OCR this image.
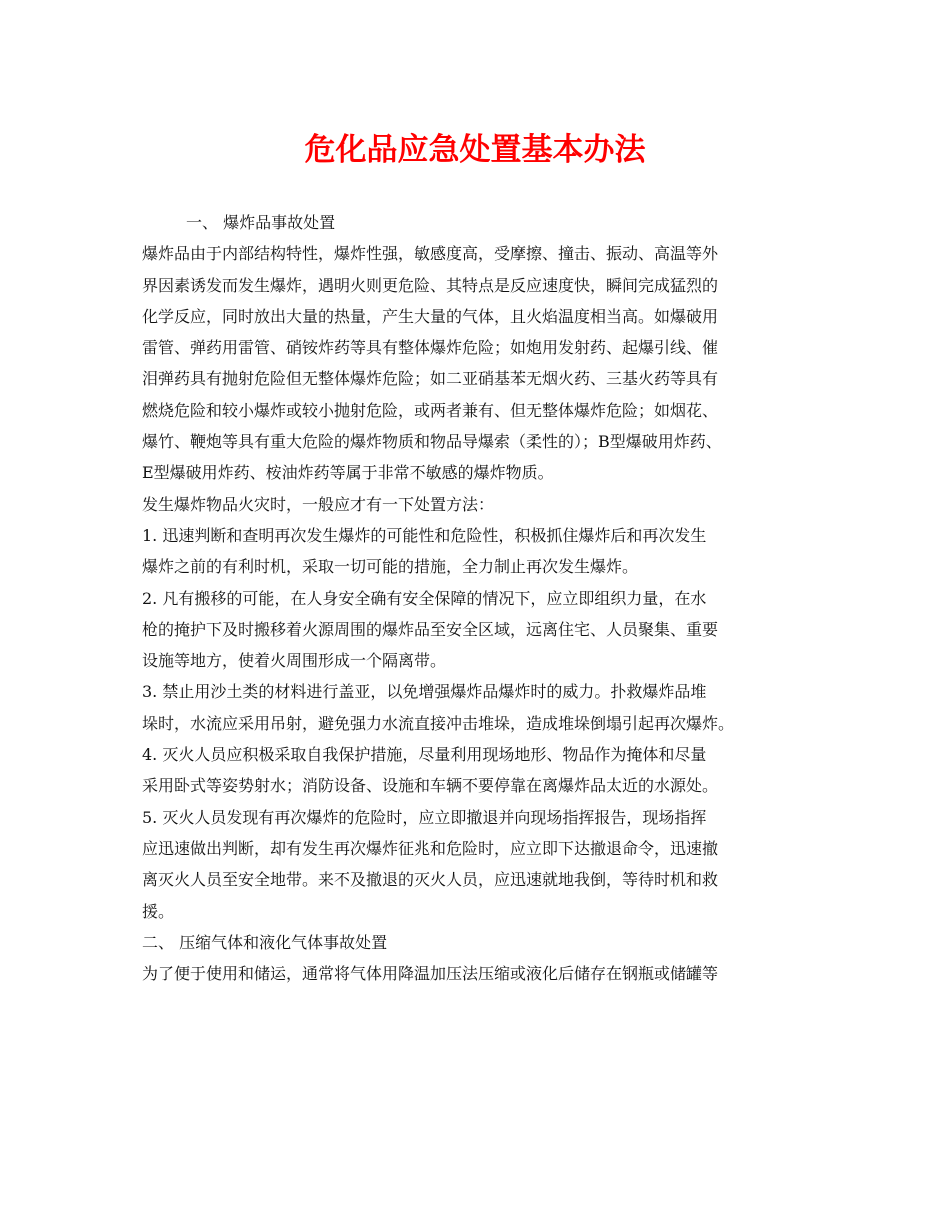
危化品应急处置基本办法
一、 爆炸品事故处置
爆炸品由于内部结构特性，爆炸性强，敏感度高，受摩擦、撞击、振动、高温等外
界因素诱发而发生爆炸，遇明火则更危险、其特点是反应速度快，瞬间完成猛烈的
化学反应，同时放出大量的热量，产生大量的气体，且火焰温度相当高。如爆破用
雷管、弹药用雷管、硝铵炸药等具有整体爆炸危险；如炮用发射药、起爆引线、催
泪弹药具有抛射危险但无整体爆炸危险；如二亚硝基苯无烟火药、三基火药等具有
燃烧危险和较小爆炸或较小抛射危险，或两者兼有、但无整体爆炸危险；如烟花、
爆竹、鞭炮等具有重大危险的爆炸物质和物品导爆索（柔性的）；B型爆破用炸药、
E型爆破用炸药、桉油炸药等属于非常不敏感的爆炸物质。
发生爆炸物品火灾时，一般应才有一下处置方法：
1. 迅速判断和查明再次发生爆炸的可能性和危险性，积极抓住爆炸后和再次发生
爆炸之前的有利时机，采取一切可能的措施，全力制止再次发生爆炸。
2. 凡有搬移的可能，在人身安全确有安全保障的情况下，应立即组织力量，在水
枪的掩护下及时搬移着火源周围的爆炸品至安全区域，远离住宅、人员聚集、重要
设施等地方，使着火周围形成一个隔离带。
3. 禁止用沙土类的材料进行盖亚，以免增强爆炸品爆炸时的威力。扑救爆炸品堆
垛时，水流应采用吊射，避免强力水流直接冲击堆垛，造成堆垛倒塌引起再次爆炸。
4. 灭火人员应积极采取自我保护措施，尽量利用现场地形、物品作为掩体和尽量
采用卧式等姿势射水；消防设备、设施和车辆不要停靠在离爆炸品太近的水源处。
5. 灭火人员发现有再次爆炸的危险时，应立即撤退并向现场指挥报告，现场指挥
应迅速做出判断，却有发生再次爆炸征兆和危险时，应立即下达撤退命令，迅速撤
离灭火人员至安全地带。来不及撤退的灭火人员，应迅速就地我倒，等待时机和救
援。
二、 压缩气体和液化气体事故处置
为了便于使用和储运，通常将气体用降温加压法压缩或液化后储存在钢瓶或储罐等
